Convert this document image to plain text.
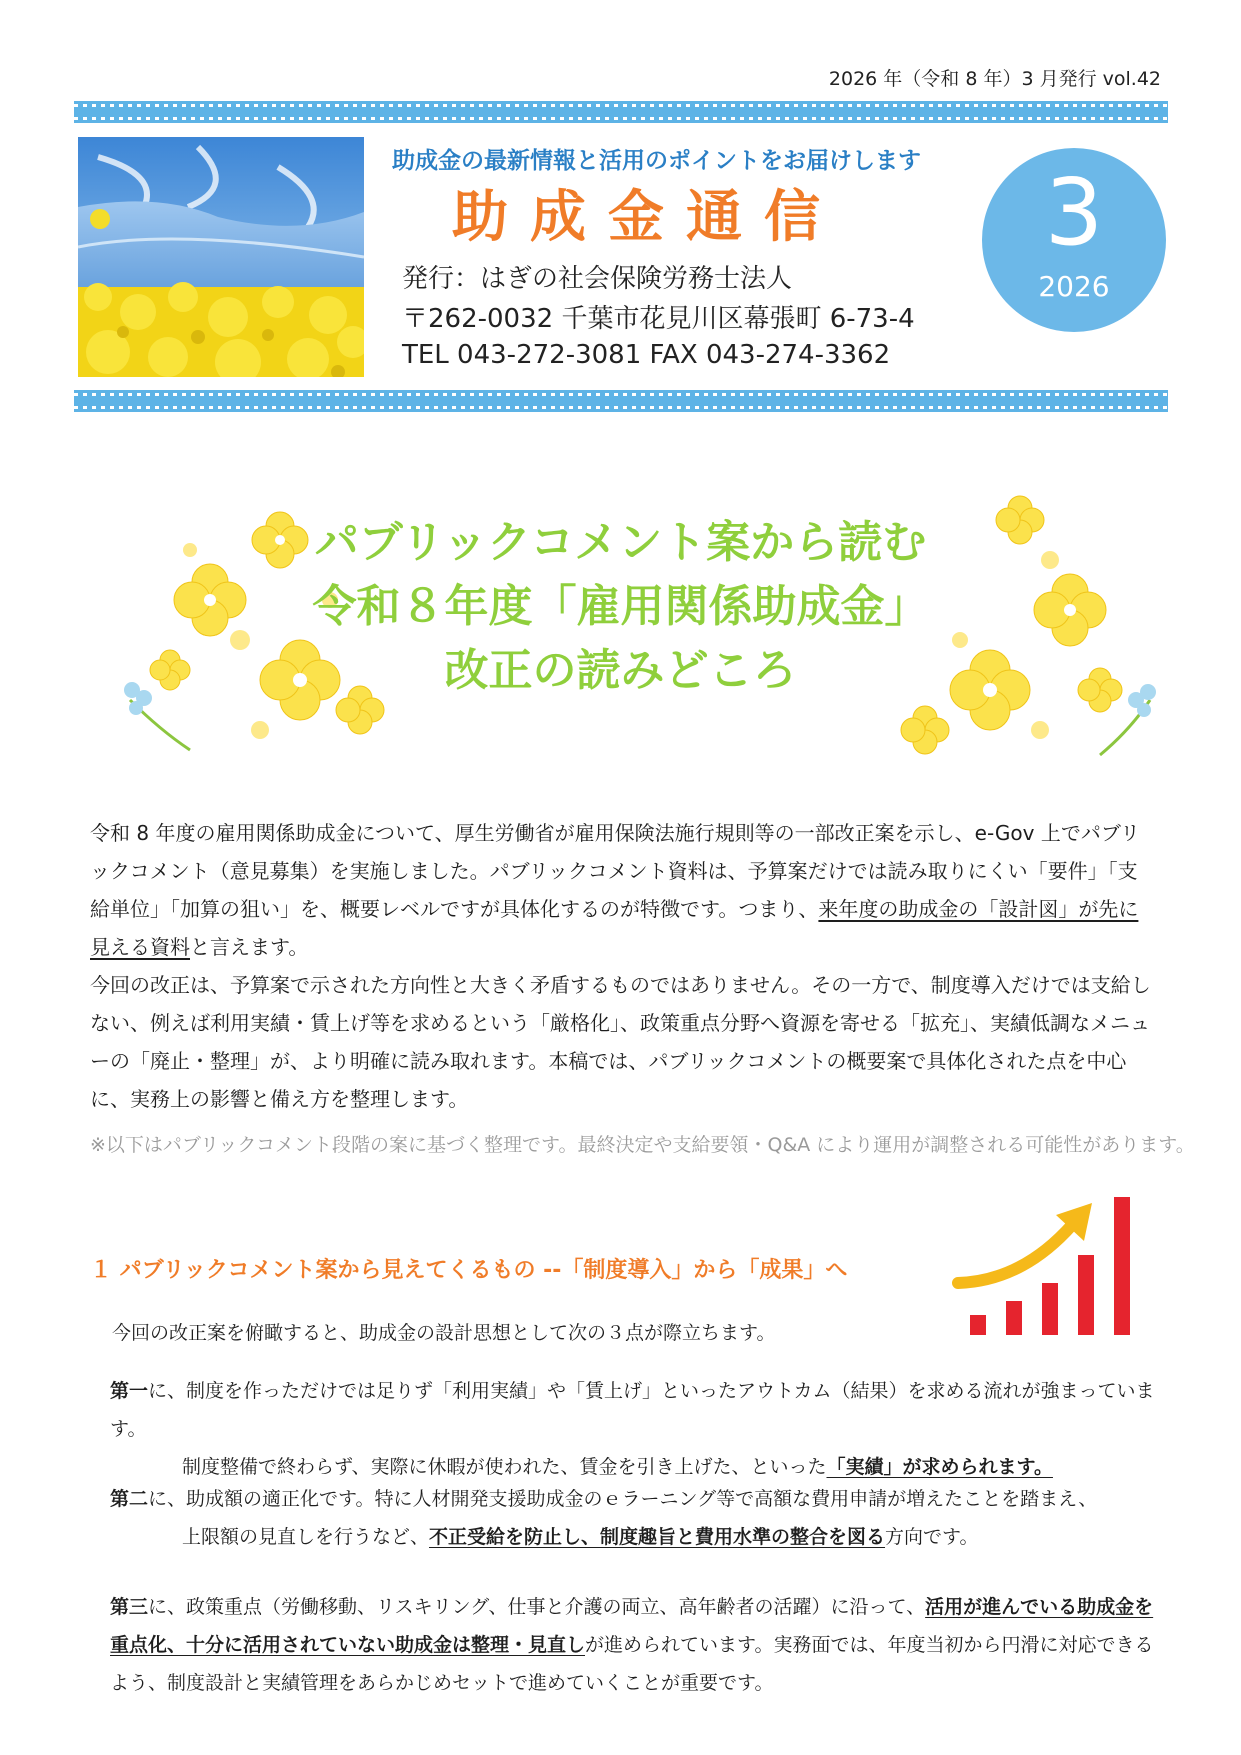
2026 年（令和 8 年）3 月発行 vol.42
助成金の最新情報と活用のポイントをお届けします
助成金通信
発行：はぎの社会保険労務士法人
〒262-0032 千葉市花見川区幕張町 6-73-4
TEL 043-272-3081 FAX 043-274-3362
3
2026
パブリックコメント案から読む
令和８年度「雇用関係助成金」
改正の読みどころ
令和 8 年度の雇用関係助成金について、厚生労働省が雇用保険法施行規則等の一部改正案を示し、e-Gov 上でパブリックコメント（意見募集）を実施しました。パブリックコメント資料は、予算案だけでは読み取りにくい「要件」「支給単位」「加算の狙い」を、概要レベルですが具体化するのが特徴です。つまり、来年度の助成金の「設計図」が先に見える資料と言えます。
今回の改正は、予算案で示された方向性と大きく矛盾するものではありません。その一方で、制度導入だけでは支給しない、例えば利用実績・賃上げ等を求めるという「厳格化」、政策重点分野へ資源を寄せる「拡充」、実績低調なメニューの「廃止・整理」が、より明確に読み取れます。本稿では、パブリックコメントの概要案で具体化された点を中心に、実務上の影響と備え方を整理します。
※以下はパブリックコメント段階の案に基づく整理です。最終決定や支給要領・Q&A により運用が調整される可能性があります。
１ パブリックコメント案から見えてくるもの --「制度導入」から「成果」へ
今回の改正案を俯瞰すると、助成金の設計思想として次の３点が際立ちます。
第一に、制度を作っただけでは足りず「利用実績」や「賃上げ」といったアウトカム（結果）を求める流れが強まっています。
制度整備で終わらず、実際に休暇が使われた、賃金を引き上げた、といった「実績」が求められます。
第二に、助成額の適正化です。特に人材開発支援助成金のｅラーニング等で高額な費用申請が増えたことを踏まえ、
上限額の見直しを行うなど、不正受給を防止し、制度趣旨と費用水準の整合を図る方向です。
第三に、政策重点（労働移動、リスキリング、仕事と介護の両立、高年齢者の活躍）に沿って、活用が進んでいる助成金を重点化、十分に活用されていない助成金は整理・見直しが進められています。実務面では、年度当初から円滑に対応できるよう、制度設計と実績管理をあらかじめセットで進めていくことが重要です。
